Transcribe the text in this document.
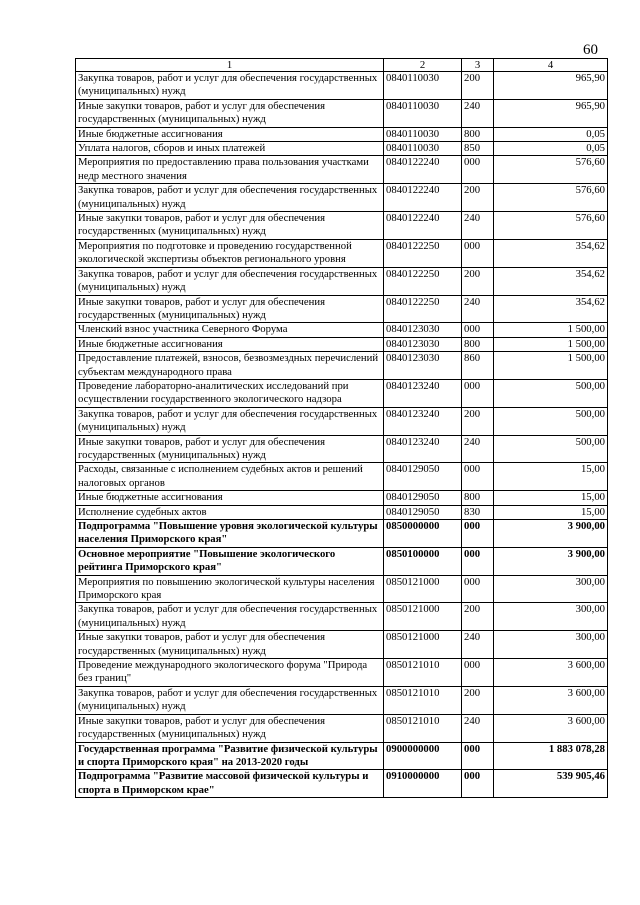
60
1	2	3	4
Закупка товаров, работ и услуг для обеспечения государственных (муниципальных) нужд	0840110030	200	965,90
Иные закупки товаров, работ и услуг для обеспечения государственных (муниципальных) нужд	0840110030	240	965,90
Иные бюджетные ассигнования	0840110030	800	0,05
Уплата налогов, сборов и иных платежей	0840110030	850	0,05
Мероприятия по предоставлению права пользования участками недр местного значения	0840122240	000	576,60
Закупка товаров, работ и услуг для обеспечения государственных (муниципальных) нужд	0840122240	200	576,60
Иные закупки товаров, работ и услуг для обеспечения государственных (муниципальных) нужд	0840122240	240	576,60
Мероприятия по подготовке и проведению государственной экологической экспертизы объектов регионального уровня	0840122250	000	354,62
Закупка товаров, работ и услуг для обеспечения государственных (муниципальных) нужд	0840122250	200	354,62
Иные закупки товаров, работ и услуг для обеспечения государственных (муниципальных) нужд	0840122250	240	354,62
Членский взнос участника Северного Форума	0840123030	000	1 500,00
Иные бюджетные ассигнования	0840123030	800	1 500,00
Предоставление платежей, взносов, безвозмездных перечислений субъектам международного права	0840123030	860	1 500,00
Проведение лабораторно-аналитических исследований при осуществлении государственного экологического надзора	0840123240	000	500,00
Закупка товаров, работ и услуг для обеспечения государственных (муниципальных) нужд	0840123240	200	500,00
Иные закупки товаров, работ и услуг для обеспечения государственных (муниципальных) нужд	0840123240	240	500,00
Расходы, связанные с исполнением судебных актов и решений налоговых органов	0840129050	000	15,00
Иные бюджетные ассигнования	0840129050	800	15,00
Исполнение судебных актов	0840129050	830	15,00
Подпрограмма "Повышение уровня экологической культуры населения Приморского края"	0850000000	000	3 900,00
Основное мероприятие "Повышение экологического рейтинга Приморского края"	0850100000	000	3 900,00
Мероприятия по повышению экологической культуры населения Приморского края	0850121000	000	300,00
Закупка товаров, работ и услуг для обеспечения государственных (муниципальных) нужд	0850121000	200	300,00
Иные закупки товаров, работ и услуг для обеспечения государственных (муниципальных) нужд	0850121000	240	300,00
Проведение международного экологического форума "Природа без границ"	0850121010	000	3 600,00
Закупка товаров, работ и услуг для обеспечения государственных (муниципальных) нужд	0850121010	200	3 600,00
Иные закупки товаров, работ и услуг для обеспечения государственных (муниципальных) нужд	0850121010	240	3 600,00
Государственная программа "Развитие физической культуры и спорта Приморского края" на 2013-2020 годы	0900000000	000	1 883 078,28
Подпрограмма "Развитие массовой физической культуры и спорта в Приморском крае"	0910000000	000	539 905,46
